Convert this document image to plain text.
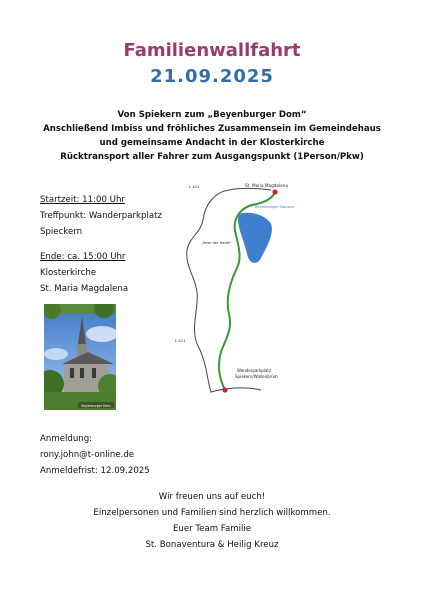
Familienwallfahrt
21.09.2025
Von Spiekern zum „Beyenburger Dom“
Anschließend Imbiss und fröhliches Zusammensein im Gemeindehaus
und gemeinsame Andacht in der Klosterkirche
Rücktransport aller Fahrer zum Ausgangspunkt (1Person/Pkw)
Startzeit: 11:00 Uhr
Treffpunkt: Wanderparkplatz
Spieckern
Ende: ca. 15:00 Uhr
Klosterkirche
St. Maria Magdalena
Beyenburger Dom
L 411	St. Maria Magdalena
Beyenburger Stausee
„Heer der Hardt“
L 411
Wanderparkplatz
Spiekern/Wallenbrüm
Anmeldung:
rony.john@t-online.de
Anmeldefrist: 12.09.2025
Wir freuen uns auf euch!
Einzelpersonen und Familien sind herzlich willkommen.
Euer Team Familie
St. Bonaventura & Heilig Kreuz
